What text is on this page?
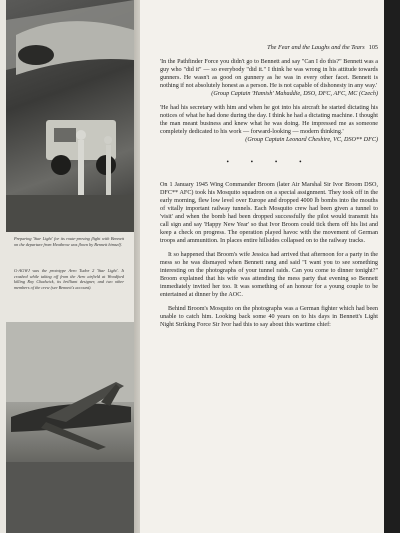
Preparing 'Star Light' for its route-proving flight with Bennett on the departure from Heathrow was flown by Bennett himself.
G-AGWJ was the prototype Avro Tudor 2 'Star Light'. It crashed while taking off from the Avro airfield at Woodford killing Roy Chadwick, its brilliant designer, and two other members of the crew (see Bennett's account).
The Fear and the Laughs and the Tears 105

'In the Pathfinder Force you didn't go to Bennett and say "Can I do this?" Bennett was a guy who "did it" — so everybody "did it." I think he was wrong in his attitude towards gunners. He wasn't as good on gunnery as he was in every other facet. Bennett is nothing if not absolutely honest as a person. He is not capable of dishonesty in any way.'
(Group Captain 'Hamish' Mahaddie, DSO, DFC, AFC, MC (Czech)

'He had his secretary with him and when he got into his aircraft he started dictating his notices of what he had done during the day. I think he had a dictating machine. I thought the man meant business and knew what he was doing. He impressed me as someone completely dedicated to his work — forward-looking — modern thinking.'
(Group Captain Leonard Cheshire, VC, DSO** DFC)

• • • •

On 1 January 1945 Wing Commander Broom (later Air Marshal Sir Ivor Broom DSO, DFC** AFC) took his Mosquito squadron on a special assignment. They took off in the early morning, flew low level over Europe and dropped 4000 lb bombs into the mouths of vitally important railway tunnels. Each Mosquito crew had been given a tunnel to 'visit' and when the bomb had been dropped successfully the pilot would transmit his call sign and say 'Happy New Year' so that Ivor Broom could tick them off his list and keep a check on progress. The operation played havoc with the movement of German troops and ammunition. In places entire hillsides collapsed on to the railway tracks.

It so happened that Broom's wife Jessica had arrived that afternoon for a party in the mess so he was dismayed when Bennett rang and said "I want you to see something interesting on the photographs of your tunnel raids. Can you come to dinner tonight?" Broom explained that his wife was attending the mess party that evening so Bennett immediately invited her too. It was something of an honour for a young couple to be entertained at dinner by the AOC.

Behind Broom's Mosquito on the photographs was a German fighter which had been unable to catch him. Looking back some 40 years on to his days in Bennett's Light Night Striking Force Sir Ivor had this to say about this wartime chief:
